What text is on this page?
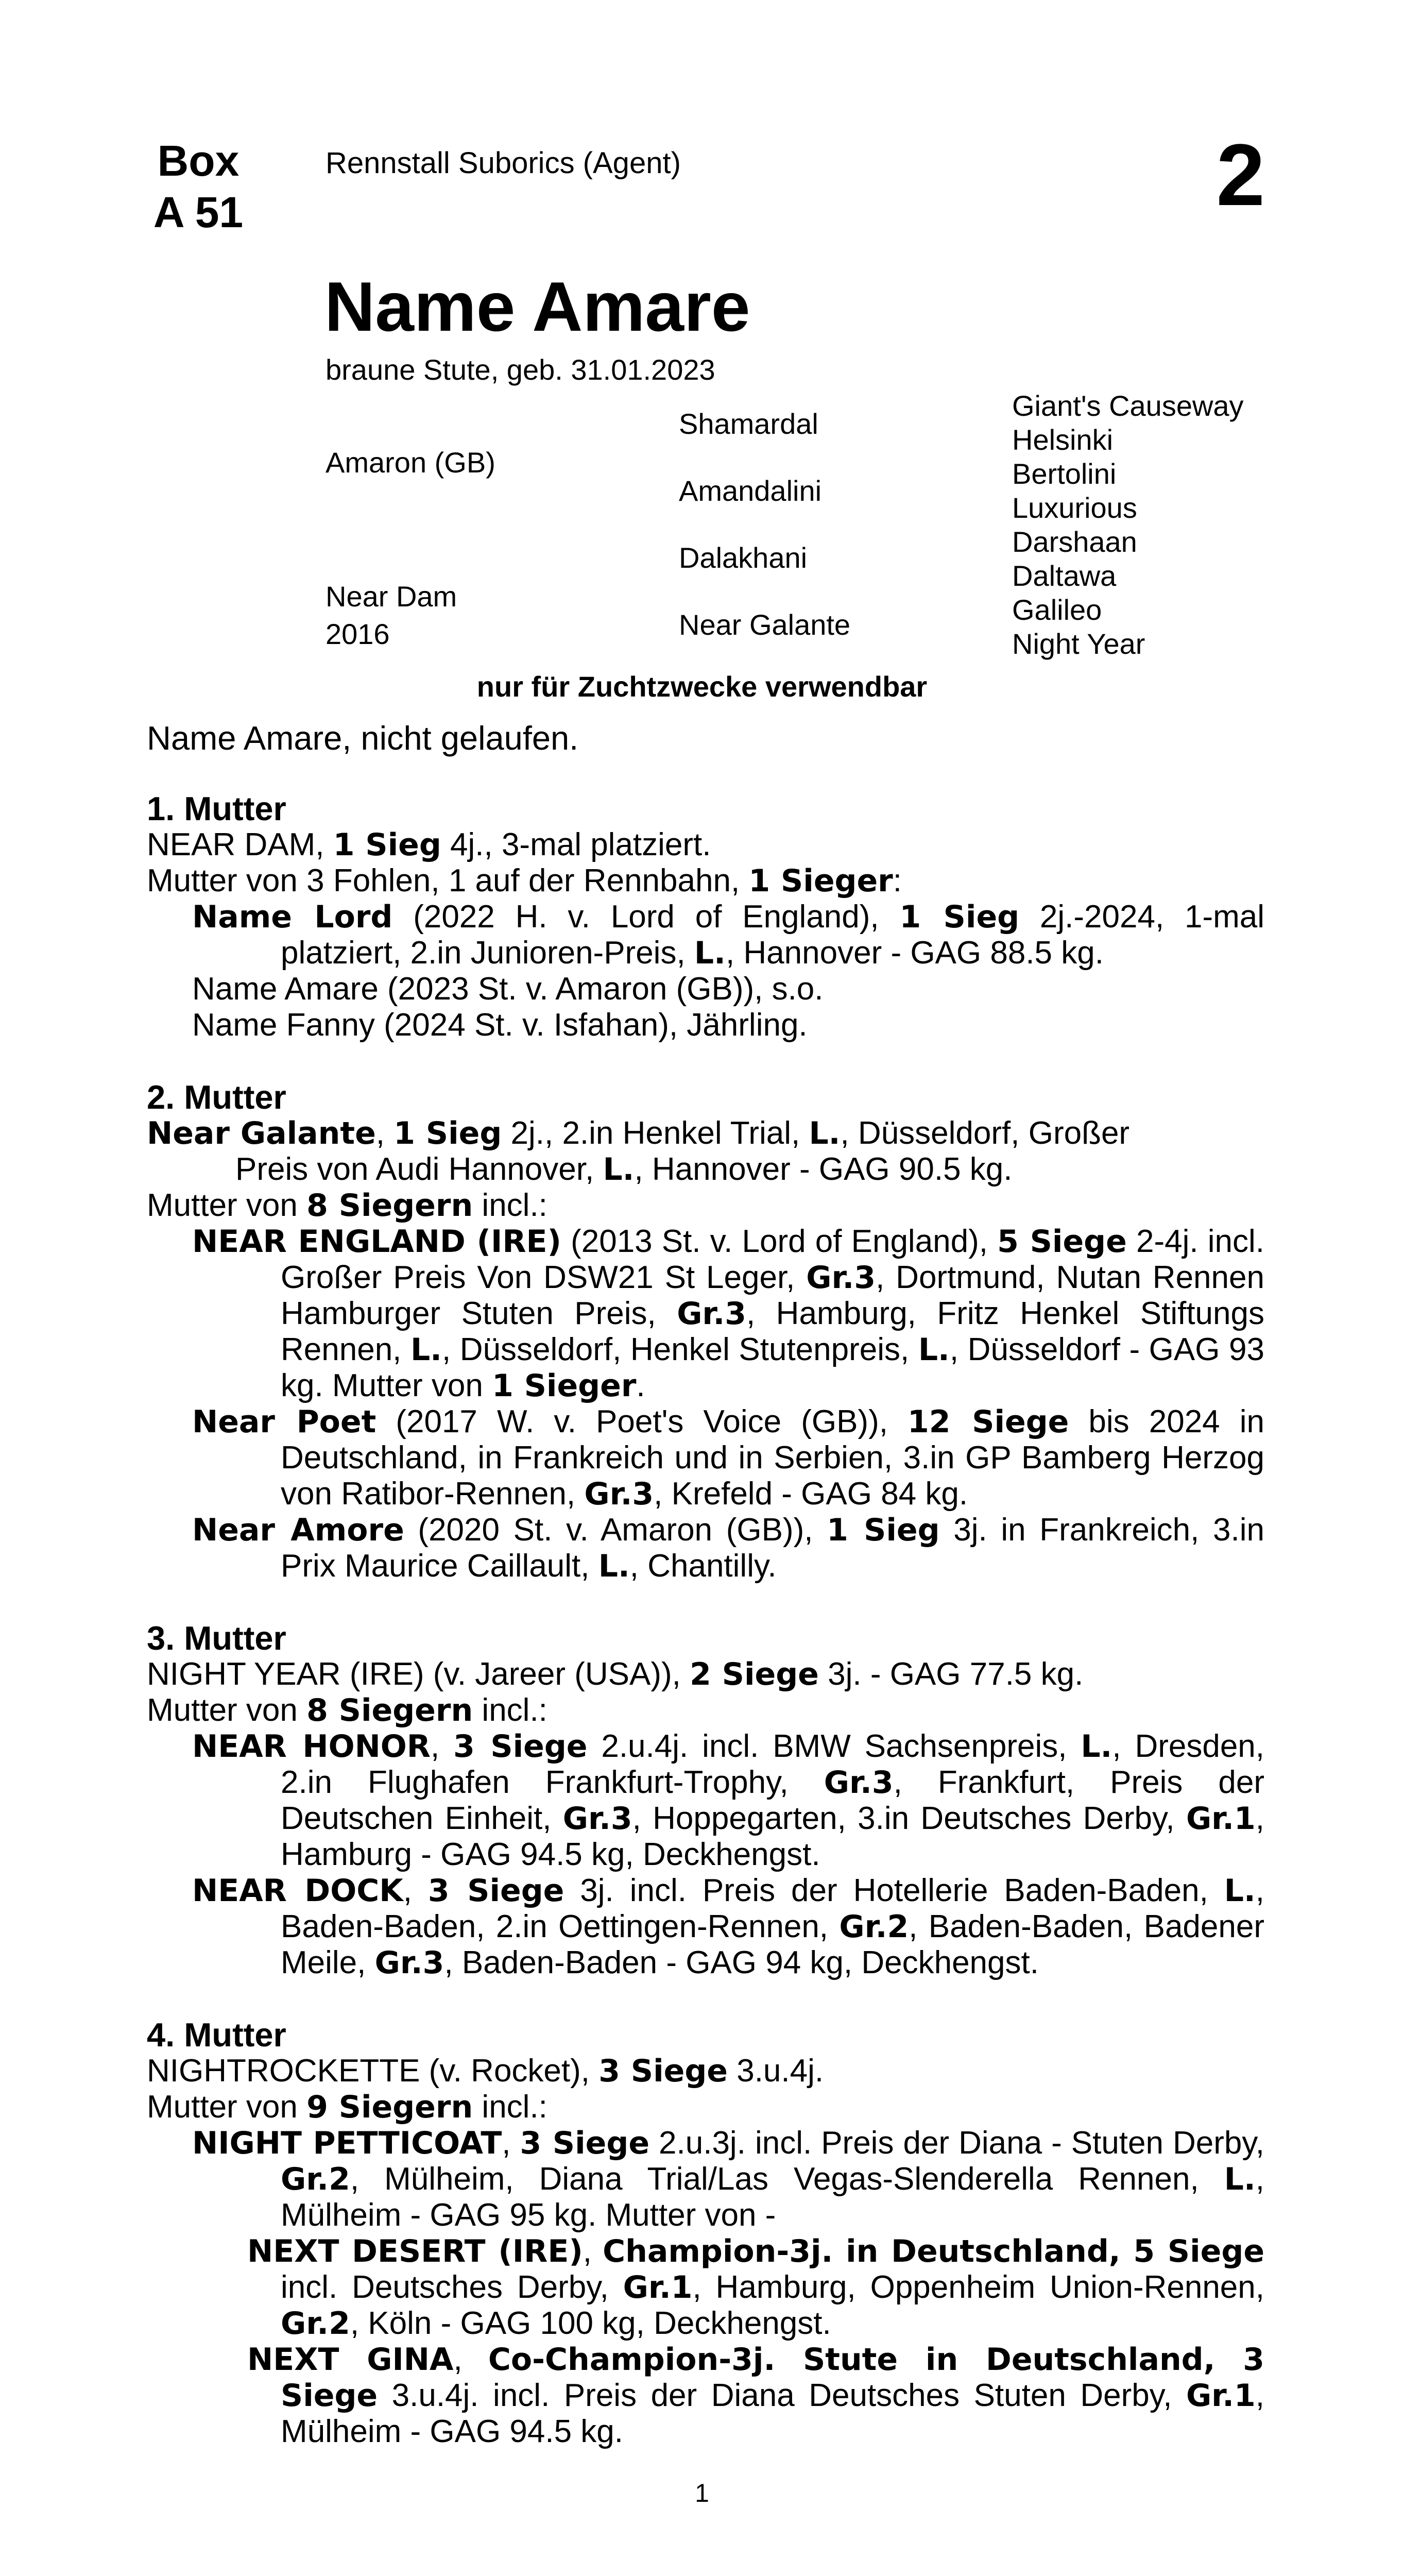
Box
A 51
Rennstall Suborics (Agent)	2
Name Amare
braune Stute, geb. 31.01.2023
Amaron (GB)
Near Dam
2016
Shamardal
Amandalini
Dalakhani
Near Galante
Giant's Causeway
Helsinki
Bertolini
Luxurious
Darshaan
Daltawa
Galileo
Night Year
nur für Zuchtzwecke verwendbar
Name Amare, nicht gelaufen.
1. Mutter
NEAR DAM, 1 Sieg 4j., 3-mal platziert.
Mutter von 3 Fohlen, 1 auf der Rennbahn, 1 Sieger:
Name Lord (2022 H. v. Lord of England), 1 Sieg 2j.-2024, 1-mal platziert, 2.in Junioren-Preis, L., Hannover - GAG 88.5 kg.
Name Amare (2023 St. v. Amaron (GB)), s.o.
Name Fanny (2024 St. v. Isfahan), Jährling.
2. Mutter
Near Galante, 1 Sieg 2j., 2.in Henkel Trial, L., Düsseldorf, Großer
Preis von Audi Hannover, L., Hannover - GAG 90.5 kg.
Mutter von 8 Siegern incl.:
NEAR ENGLAND (IRE) (2013 St. v. Lord of England), 5 Siege 2-4j. incl. Großer Preis Von DSW21 St Leger, Gr.3, Dortmund, Nutan Rennen Hamburger Stuten Preis, Gr.3, Hamburg, Fritz Henkel Stiftungs Rennen, L., Düsseldorf, Henkel Stutenpreis, L., Düsseldorf - GAG 93 kg. Mutter von 1 Sieger.
Near Poet (2017 W. v. Poet's Voice (GB)), 12 Siege bis 2024 in Deutschland, in Frankreich und in Serbien, 3.in GP Bamberg Herzog von Ratibor-Rennen, Gr.3, Krefeld - GAG 84 kg.
Near Amore (2020 St. v. Amaron (GB)), 1 Sieg 3j. in Frankreich, 3.in Prix Maurice Caillault, L., Chantilly.
3. Mutter
NIGHT YEAR (IRE) (v. Jareer (USA)), 2 Siege 3j. - GAG 77.5 kg.
Mutter von 8 Siegern incl.:
NEAR HONOR, 3 Siege 2.u.4j. incl. BMW Sachsenpreis, L., Dresden, 2.in Flughafen Frankfurt-Trophy, Gr.3, Frankfurt, Preis der Deutschen Einheit, Gr.3, Hoppegarten, 3.in Deutsches Derby, Gr.1, Hamburg - GAG 94.5 kg, Deckhengst.
NEAR DOCK, 3 Siege 3j. incl. Preis der Hotellerie Baden-Baden, L., Baden-Baden, 2.in Oettingen-Rennen, Gr.2, Baden-Baden, Badener Meile, Gr.3, Baden-Baden - GAG 94 kg, Deckhengst.
4. Mutter
NIGHTROCKETTE (v. Rocket), 3 Siege 3.u.4j.
Mutter von 9 Siegern incl.:
NIGHT PETTICOAT, 3 Siege 2.u.3j. incl. Preis der Diana - Stuten Derby, Gr.2, Mülheim, Diana Trial/Las Vegas-Slenderella Rennen, L., Mülheim - GAG 95 kg. Mutter von -
NEXT DESERT (IRE), Champion-3j. in Deutschland, 5 Siege incl. Deutsches Derby, Gr.1, Hamburg, Oppenheim Union-Rennen, Gr.2, Köln - GAG 100 kg, Deckhengst.
NEXT GINA, Co-Champion-3j. Stute in Deutschland, 3 Siege 3.u.4j. incl. Preis der Diana Deutsches Stuten Derby, Gr.1, Mülheim - GAG 94.5 kg.
1
